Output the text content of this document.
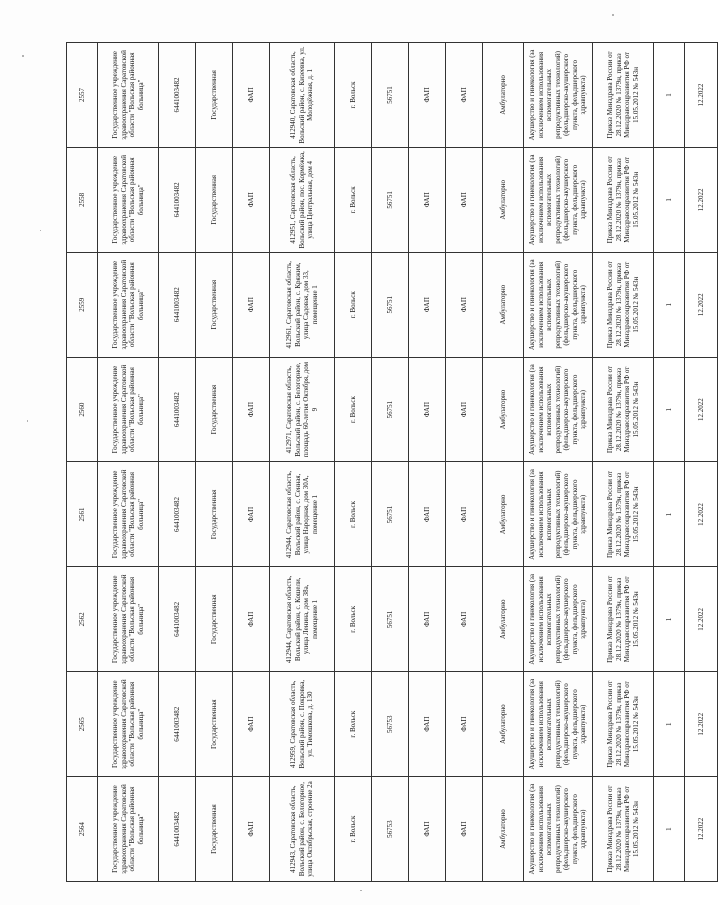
2564	2565	2562	2561	2560	2559	2558	2557
Государственное учреждение здравоохранения Саратовской области "Вольская районная больница"	Государственное учреждение здравоохранения Саратовской области "Вольская районная больница"	Государственное учреждение здравоохранения Саратовской области "Вольская районная больница"	Государственное учреждение здравоохранения Саратовской области "Вольская районная больница"	Государственное учреждение здравоохранения Саратовской области "Вольская районная больница"	Государственное учреждение здравоохранения Саратовской области "Вольская районная больница"	Государственное учреждение здравоохранения Саратовской области "Вольская районная больница"	Государственное учреждение здравоохранения Саратовской области "Вольская районная больница"
6441003482	6441003482	6441003482	6441003482	6441003482	6441003482	6441003482	6441003482
Государственная	Государственная	Государственная	Государственная	Государственная	Государственная	Государственная	Государственная
ФАП	ФАП	ФАП	ФАП	ФАП	ФАП	ФАП	ФАП
412943, Саратовская область, Вольский район, с. Белогорное, улица Октябрьская, строение 2а	412959, Саратовская область, Вольский район, с. Покровка, ул. Тимошкова, д. 130	412944, Саратовская область, Вольский район, с. Кошели, улица Ленина, дом 38а, помещение 1	412944, Саратовская область, Вольский район, с. Сенная, улица Народная, дом 30А, помещение 1	412971, Саратовская область, Вольский район, с. Белогорное, площадь 60-летия Октября, дом 9	412961, Саратовская область, Вольский район, с. Кряжим, улица Садовая, дом 33, помещение 1	412951, Саратовская область, Вольский район, пос. Кормёжка, улица Центральная, дом 4	412940, Саратовская область, Вольский район, с. Кизеевка, ул. Молодёжная, д. 1
г. Вольск	г. Вольск	г. Вольск	г. Вольск	г. Вольск	г. Вольск	г. Вольск	г. Вольск
56753	56753	56751	56751	56751	56751	56751	56751
ФАП	ФАП	ФАП	ФАП	ФАП	ФАП	ФАП	ФАП
ФАП	ФАП	ФАП	ФАП	ФАП	ФАП	ФАП	ФАП
Амбулаторно	Амбулаторно	Амбулаторно	Амбулаторно	Амбулаторно	Амбулаторно	Амбулаторно	Амбулаторно
Акушерство и гинекология (за исключением использования вспомогательных репродуктивных технологий) (фельдшерско-акушерского пункта, фельдшерского здравпункта)	Акушерство и гинекология (за исключением использования вспомогательных репродуктивных технологий) (фельдшерско-акушерского пункта, фельдшерского здравпункта)	Акушерство и гинекология (за исключением использования вспомогательных репродуктивных технологий) (фельдшерско-акушерского пункта, фельдшерского здравпункта)	Акушерство и гинекология (за исключением использования вспомогательных репродуктивных технологий) (фельдшерско-акушерского пункта, фельдшерского здравпункта)	Акушерство и гинекология (за исключением использования вспомогательных репродуктивных технологий) (фельдшерско-акушерского пункта, фельдшерского здравпункта)	Акушерство и гинекология (за исключением использования вспомогательных репродуктивных технологий) (фельдшерско-акушерского пункта, фельдшерского здравпункта)	Акушерство и гинекология (за исключением использования вспомогательных репродуктивных технологий) (фельдшерско-акушерского пункта, фельдшерского здравпункта)	Акушерство и гинекология (за исключением использования вспомогательных репродуктивных технологий) (фельдшерско-акушерского пункта, фельдшерского здравпункта)
Приказ Минздрава России от 28.12.2020 № 1379н, приказ Минздравсоцразвития РФ от 15.05.2012 № 543н	Приказ Минздрава России от 28.12.2020 № 1379н, приказ Минздравсоцразвития РФ от 15.05.2012 № 543н	Приказ Минздрава России от 28.12.2020 № 1379н, приказ Минздравсоцразвития РФ от 15.05.2012 № 543н	Приказ Минздрава России от 28.12.2020 № 1379н, приказ Минздравсоцразвития РФ от 15.05.2012 № 543н	Приказ Минздрава России от 28.12.2020 № 1379н, приказ Минздравсоцразвития РФ от 15.05.2012 № 543н	Приказ Минздрава России от 28.12.2020 № 1379н, приказ Минздравсоцразвития РФ от 15.05.2012 № 543н	Приказ Минздрава России от 28.12.2020 № 1379н, приказ Минздравсоцразвития РФ от 15.05.2012 № 543н	Приказ Минздрава России от 28.12.2020 № 1379н, приказ Минздравсоцразвития РФ от 15.05.2012 № 543н
1	1	1	1	1	1	1	1
12.2022	12.2022	12.2022	12.2022	12.2022	12.2022	12.2022	12.2022
